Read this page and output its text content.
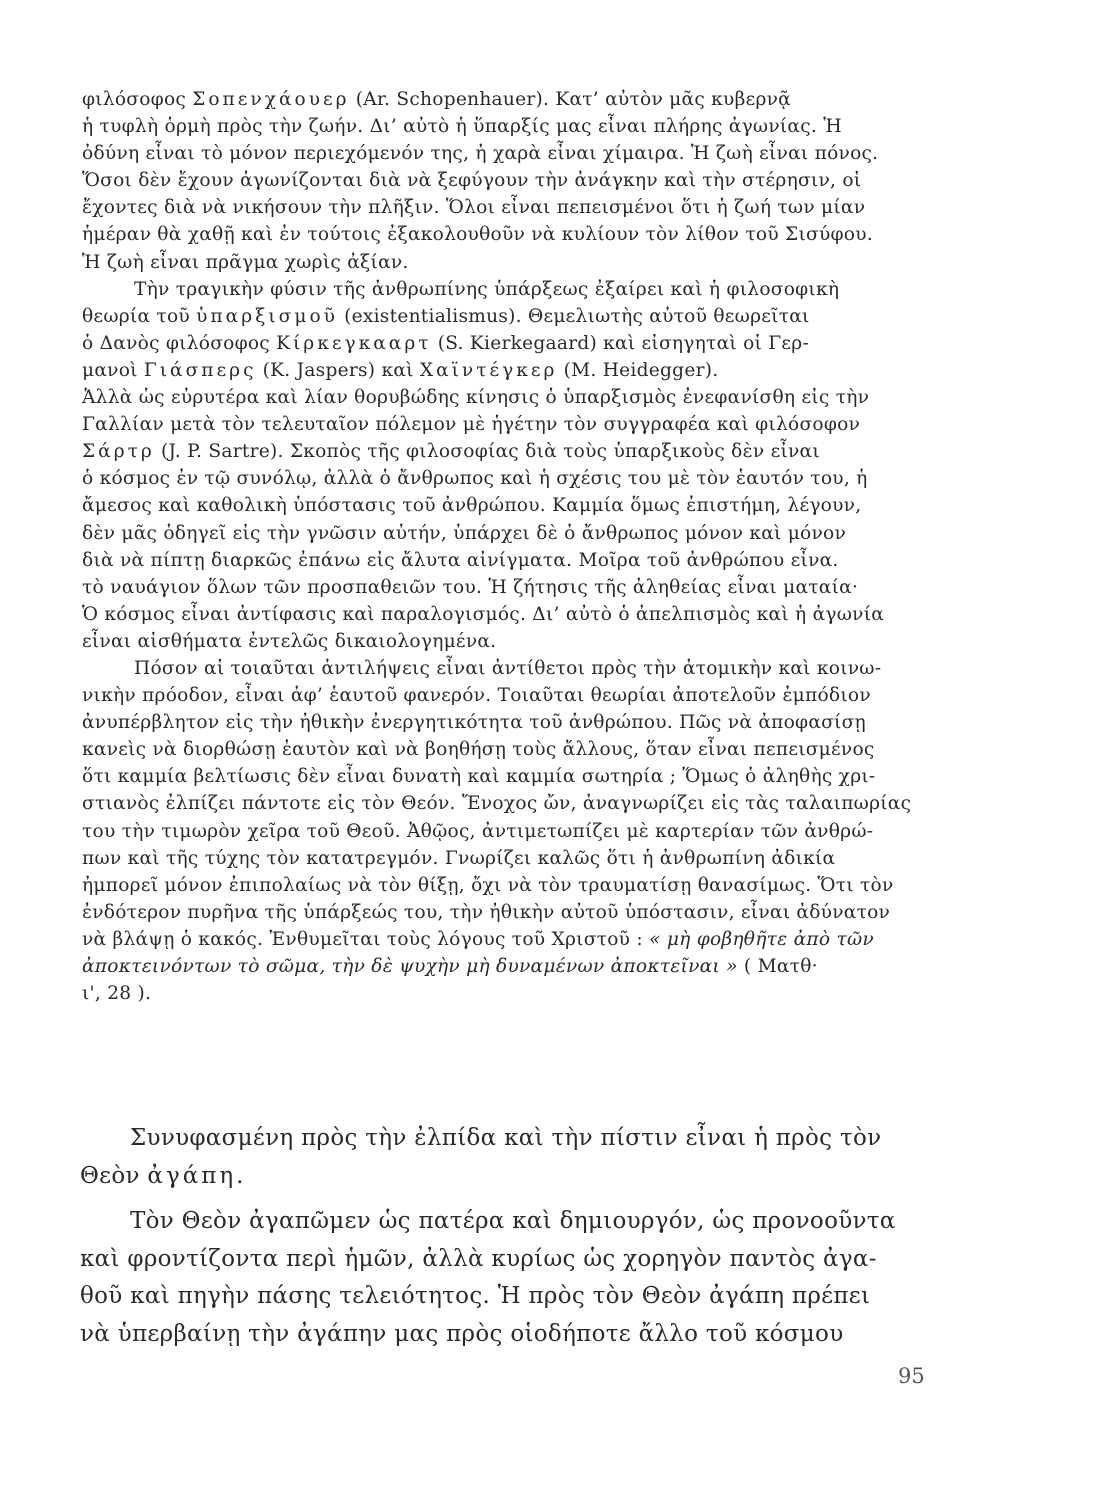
φιλόσοφος Σοπενχάουερ (Ar. Schopenhauer). Κατ’ αὐτὸν μᾶς κυβερνᾷ
ἡ τυφλὴ ὁρμὴ πρὸς τὴν ζωήν. Δι’ αὐτὸ ἡ ὕπαρξίς μας εἶναι πλήρης ἀγωνίας. Ἡ
ὀδύνη εἶναι τὸ μόνον περιεχόμενόν της, ἡ χαρὰ εἶναι χίμαιρα. Ἡ ζωὴ εἶναι πόνος.
Ὅσοι δὲν ἔχουν ἀγωνίζονται διὰ νὰ ξεφύγουν τὴν ἀνάγκην καὶ τὴν στέρησιν, οἱ
ἔχοντες διὰ νὰ νικήσουν τὴν πλῆξιν. Ὅλοι εἶναι πεπεισμένοι ὅτι ἡ ζωή των μίαν
ἡμέραν θὰ χαθῇ καὶ ἐν τούτοις ἐξακολουθοῦν νὰ κυλίουν τὸν λίθον τοῦ Σισύφου.
Ἡ ζωὴ εἶναι πρᾶγμα χωρὶς ἀξίαν.
Τὴν τραγικὴν φύσιν τῆς ἀνθρωπίνης ὑπάρξεως ἐξαίρει καὶ ἡ φιλοσοφικὴ
θεωρία τοῦ ὑπαρξισμοῦ (existentialismus). Θεμελιωτὴς αὐτοῦ θεωρεῖται
ὁ Δανὸς φιλόσοφος Κίρκεγκααρτ (S. Kierkegaard) καὶ εἰσηγηταὶ οἱ Γερ-
μανοὶ Γιάσπερς (K. Jaspers) καὶ Χαϊντέγκερ (M. Heidegger).
Ἀλλὰ ὡς εὐρυτέρα καὶ λίαν θορυβώδης κίνησις ὁ ὑπαρξισμὸς ἐνεφανίσθη εἰς τὴν
Γαλλίαν μετὰ τὸν τελευταῖον πόλεμον μὲ ἡγέτην τὸν συγγραφέα καὶ φιλόσοφον
Σάρτρ (J. P. Sartre). Σκοπὸς τῆς φιλοσοφίας διὰ τοὺς ὑπαρξικοὺς δὲν εἶναι
ὁ κόσμος ἐν τῷ συνόλῳ, ἀλλὰ ὁ ἄνθρωπος καὶ ἡ σχέσις του μὲ τὸν ἑαυτόν του, ἡ
ἄμεσος καὶ καθολικὴ ὑπόστασις τοῦ ἀνθρώπου. Καμμία ὅμως ἐπιστήμη, λέγουν,
δὲν μᾶς ὁδηγεῖ εἰς τὴν γνῶσιν αὐτήν, ὑπάρχει δὲ ὁ ἄνθρωπος μόνον καὶ μόνον
διὰ νὰ πίπτῃ διαρκῶς ἐπάνω εἰς ἄλυτα αἰνίγματα. Μοῖρα τοῦ ἀνθρώπου εἶνα.
τὸ ναυάγιον ὅλων τῶν προσπαθειῶν του. Ἡ ζήτησις τῆς ἀληθείας εἶναι ματαία·
Ὁ κόσμος εἶναι ἀντίφασις καὶ παραλογισμός. Δι’ αὐτὸ ὁ ἀπελπισμὸς καὶ ἡ ἀγωνία
εἶναι αἰσθήματα ἐντελῶς δικαιολογημένα.
Πόσον αἱ τοιαῦται ἀντιλήψεις εἶναι ἀντίθετοι πρὸς τὴν ἀτομικὴν καὶ κοινω-
νικὴν πρόοδον, εἶναι ἀφ’ ἑαυτοῦ φανερόν. Τοιαῦται θεωρίαι ἀποτελοῦν ἐμπόδιον
ἀνυπέρβλητον εἰς τὴν ἠθικὴν ἐνεργητικότητα τοῦ ἀνθρώπου. Πῶς νὰ ἀποφασίσῃ
κανεὶς νὰ διορθώσῃ ἑαυτὸν καὶ νὰ βοηθήσῃ τοὺς ἄλλους, ὅταν εἶναι πεπεισμένος
ὅτι καμμία βελτίωσις δὲν εἶναι δυνατὴ καὶ καμμία σωτηρία ; Ὅμως ὁ ἀληθὴς χρι-
στιανὸς ἐλπίζει πάντοτε εἰς τὸν Θεόν. Ἔνοχος ὤν, ἀναγνωρίζει εἰς τὰς ταλαιπωρίας
του τὴν τιμωρὸν χεῖρα τοῦ Θεοῦ. Ἀθῷος, ἀντιμετωπίζει μὲ καρτερίαν τῶν ἀνθρώ-
πων καὶ τῆς τύχης τὸν κατατρεγμόν. Γνωρίζει καλῶς ὅτι ἡ ἀνθρωπίνη ἀδικία
ἠμπορεῖ μόνον ἐπιπολαίως νὰ τὸν θίξῃ, ὄχι νὰ τὸν τραυματίσῃ θανασίμως. Ὅτι τὸν
ἐνδότερον πυρῆνα τῆς ὑπάρξεώς του, τὴν ἠθικὴν αὐτοῦ ὑπόστασιν, εἶναι ἀδύνατον
νὰ βλάψῃ ὁ κακός. Ἐνθυμεῖται τοὺς λόγους τοῦ Χριστοῦ : « μὴ φοβηθῆτε ἀπὸ τῶν
ἀποκτεινόντων τὸ σῶμα, τὴν δὲ ψυχὴν μὴ δυναμένων ἀποκτεῖναι » ( Ματθ·
ι', 28 ).
Συνυφασμένη πρὸς τὴν ἐλπίδα καὶ τὴν πίστιν εἶναι ἡ πρὸς τὸν
Θεὸν ἀγάπη.
Τὸν Θεὸν ἀγαπῶμεν ὡς πατέρα καὶ δημιουργόν, ὡς προνοοῦντα
καὶ φροντίζοντα περὶ ἡμῶν, ἀλλὰ κυρίως ὡς χορηγὸν παντὸς ἀγα-
θοῦ καὶ πηγὴν πάσης τελειότητος. Ἡ πρὸς τὸν Θεὸν ἀγάπη πρέπει
νὰ ὑπερβαίνῃ τὴν ἀγάπην μας πρὸς οἱοδήποτε ἄλλο τοῦ κόσμου
95
